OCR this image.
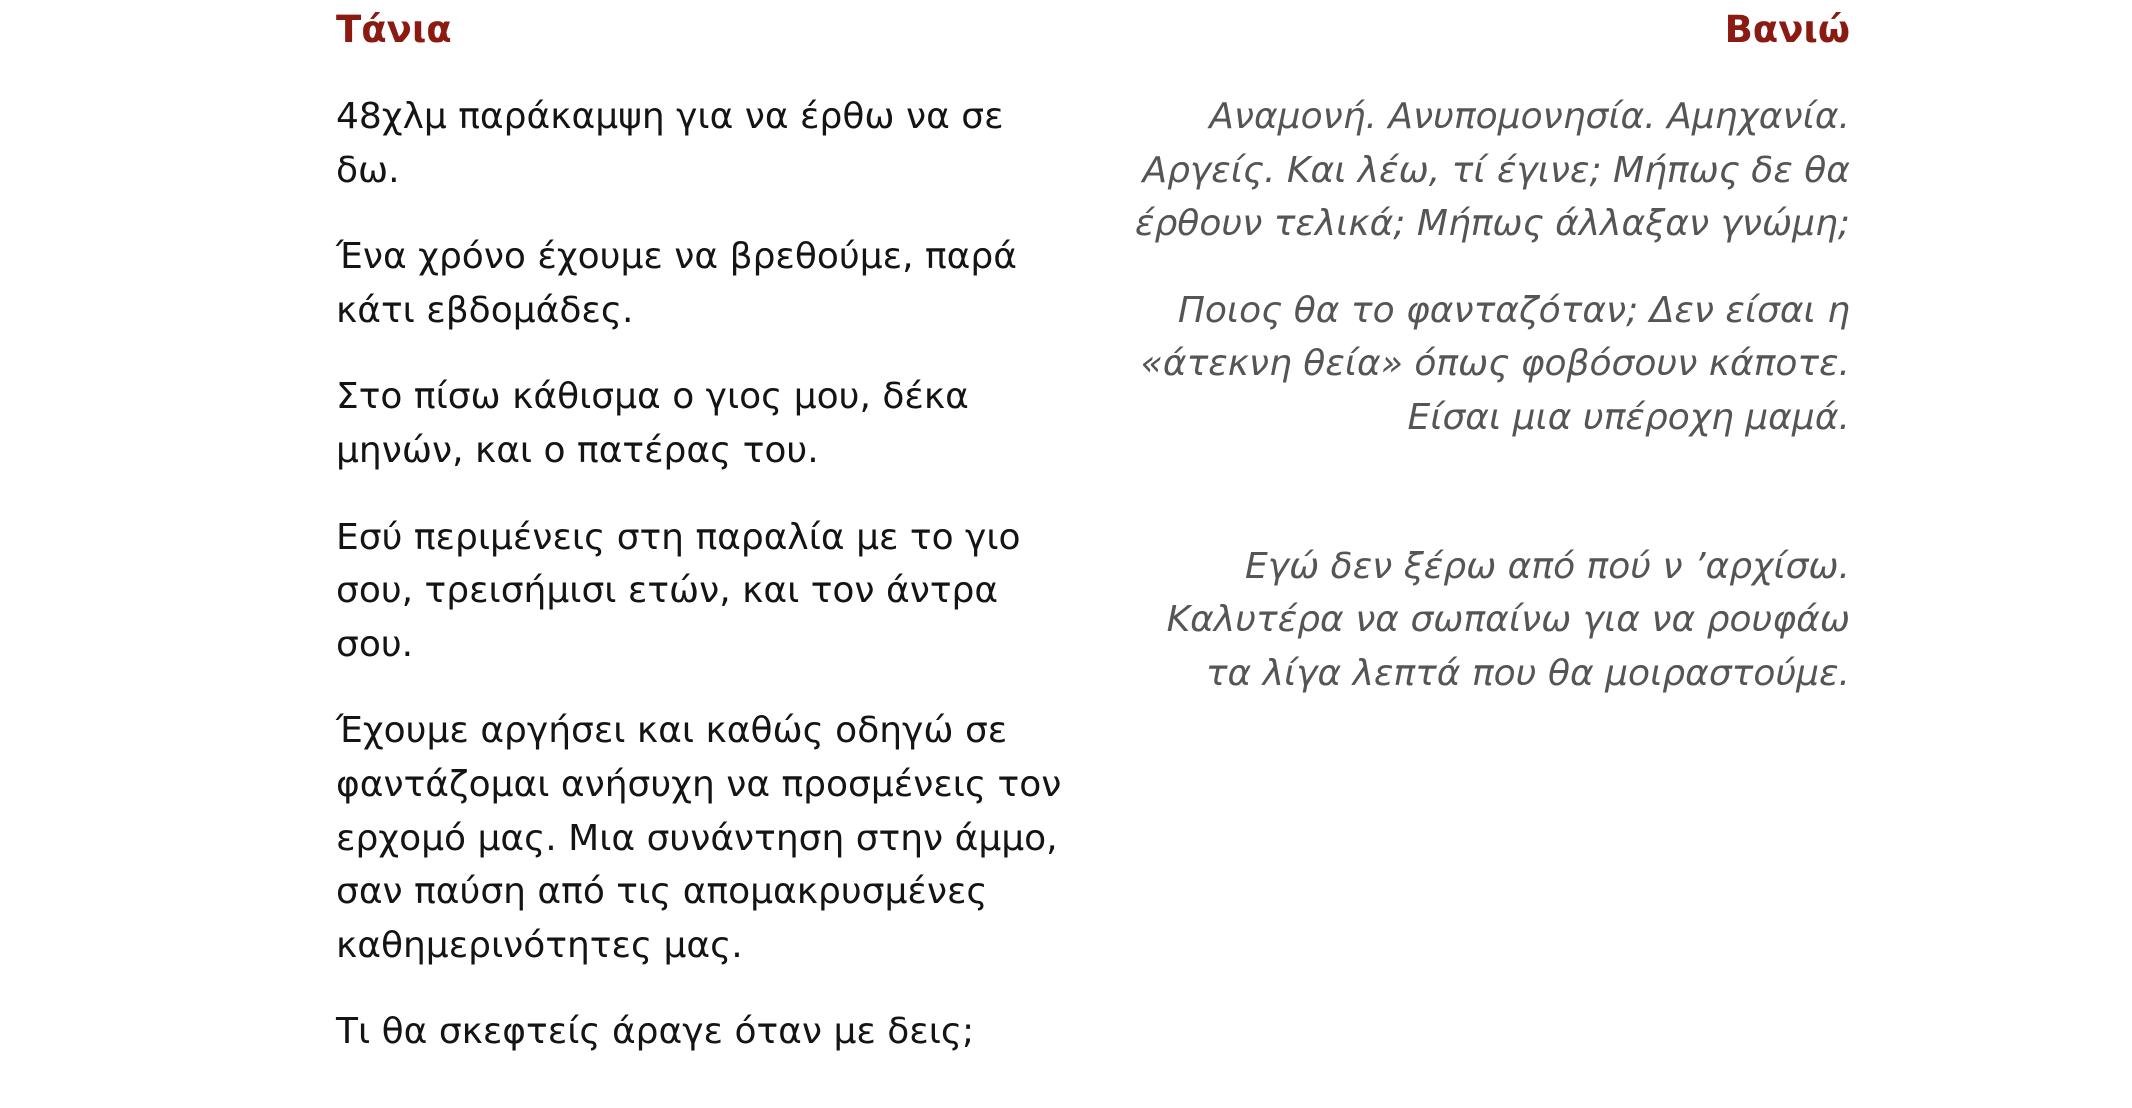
Τάνια

48χλμ παράκαμψη για να έρθω να σε δω.

Ένα χρόνο έχουμε να βρεθούμε, παρά κάτι εβδομάδες.

Στο πίσω κάθισμα ο γιος μου, δέκα μηνών, και ο πατέρας του.

Εσύ περιμένεις στη παραλία με το γιο σου, τρεισήμισι ετών, και τον άντρα σου.

Έχουμε αργήσει και καθώς οδηγώ σε φαντάζομαι ανήσυχη να προσμένεις τον ερχομό μας. Μια συνάντηση στην άμμο, σαν παύση από τις απομακρυσμένες καθημερινότητες μας.

Τι θα σκεφτείς άραγε όταν με δεις;

Βανιώ

Αναμονή. Ανυπομονησία. Αμηχανία. Αργείς. Και λέω, τί έγινε; Μήπως δε θα έρθουν τελικά; Μήπως άλλαξαν γνώμη;

Ποιος θα το φανταζόταν; Δεν είσαι η «άτεκνη θεία» όπως φοβόσουν κάποτε. Είσαι μια υπέροχη μαμά.

Εγώ δεν ξέρω από πού ν ’αρχίσω. Καλυτέρα να σωπαίνω για να ρουφάω τα λίγα λεπτά που θα μοιραστούμε.
